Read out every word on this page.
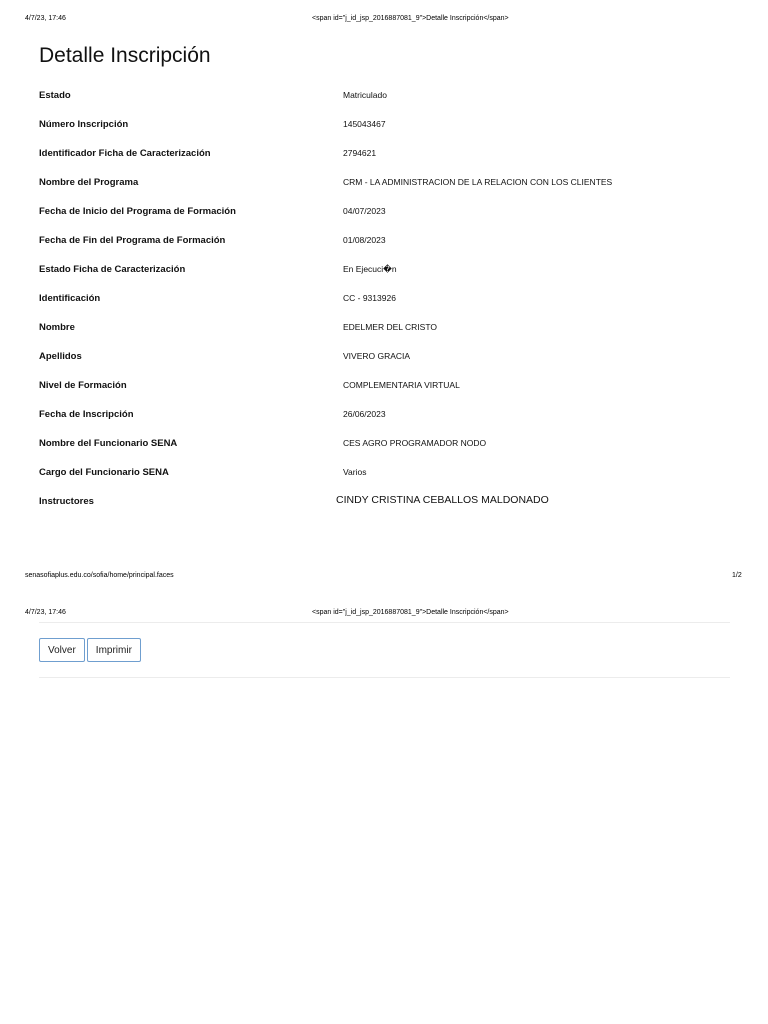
4/7/23, 17:46	<span id="j_id_jsp_2016887081_9">Detalle Inscripción</span>
Detalle Inscripción
Estado	Matriculado
Número Inscripción	145043467
Identificador Ficha de Caracterización	2794621
Nombre del Programa	CRM - LA ADMINISTRACION DE LA RELACION CON LOS CLIENTES
Fecha de Inicio del Programa de Formación	04/07/2023
Fecha de Fin del Programa de Formación	01/08/2023
Estado Ficha de Caracterización	En Ejecuci�n
Identificación	CC - 9313926
Nombre	EDELMER DEL CRISTO
Apellidos	VIVERO GRACIA
Nivel de Formación	COMPLEMENTARIA VIRTUAL
Fecha de Inscripción	26/06/2023
Nombre del Funcionario SENA	CES AGRO PROGRAMADOR NODO
Cargo del Funcionario SENA	Varios
Instructores	CINDY CRISTINA CEBALLOS MALDONADO
senasofiaplus.edu.co/sofia/home/principal.faces	1/2
4/7/23, 17:46	<span id="j_id_jsp_2016887081_9">Detalle Inscripción</span>
Volver	Imprimir
